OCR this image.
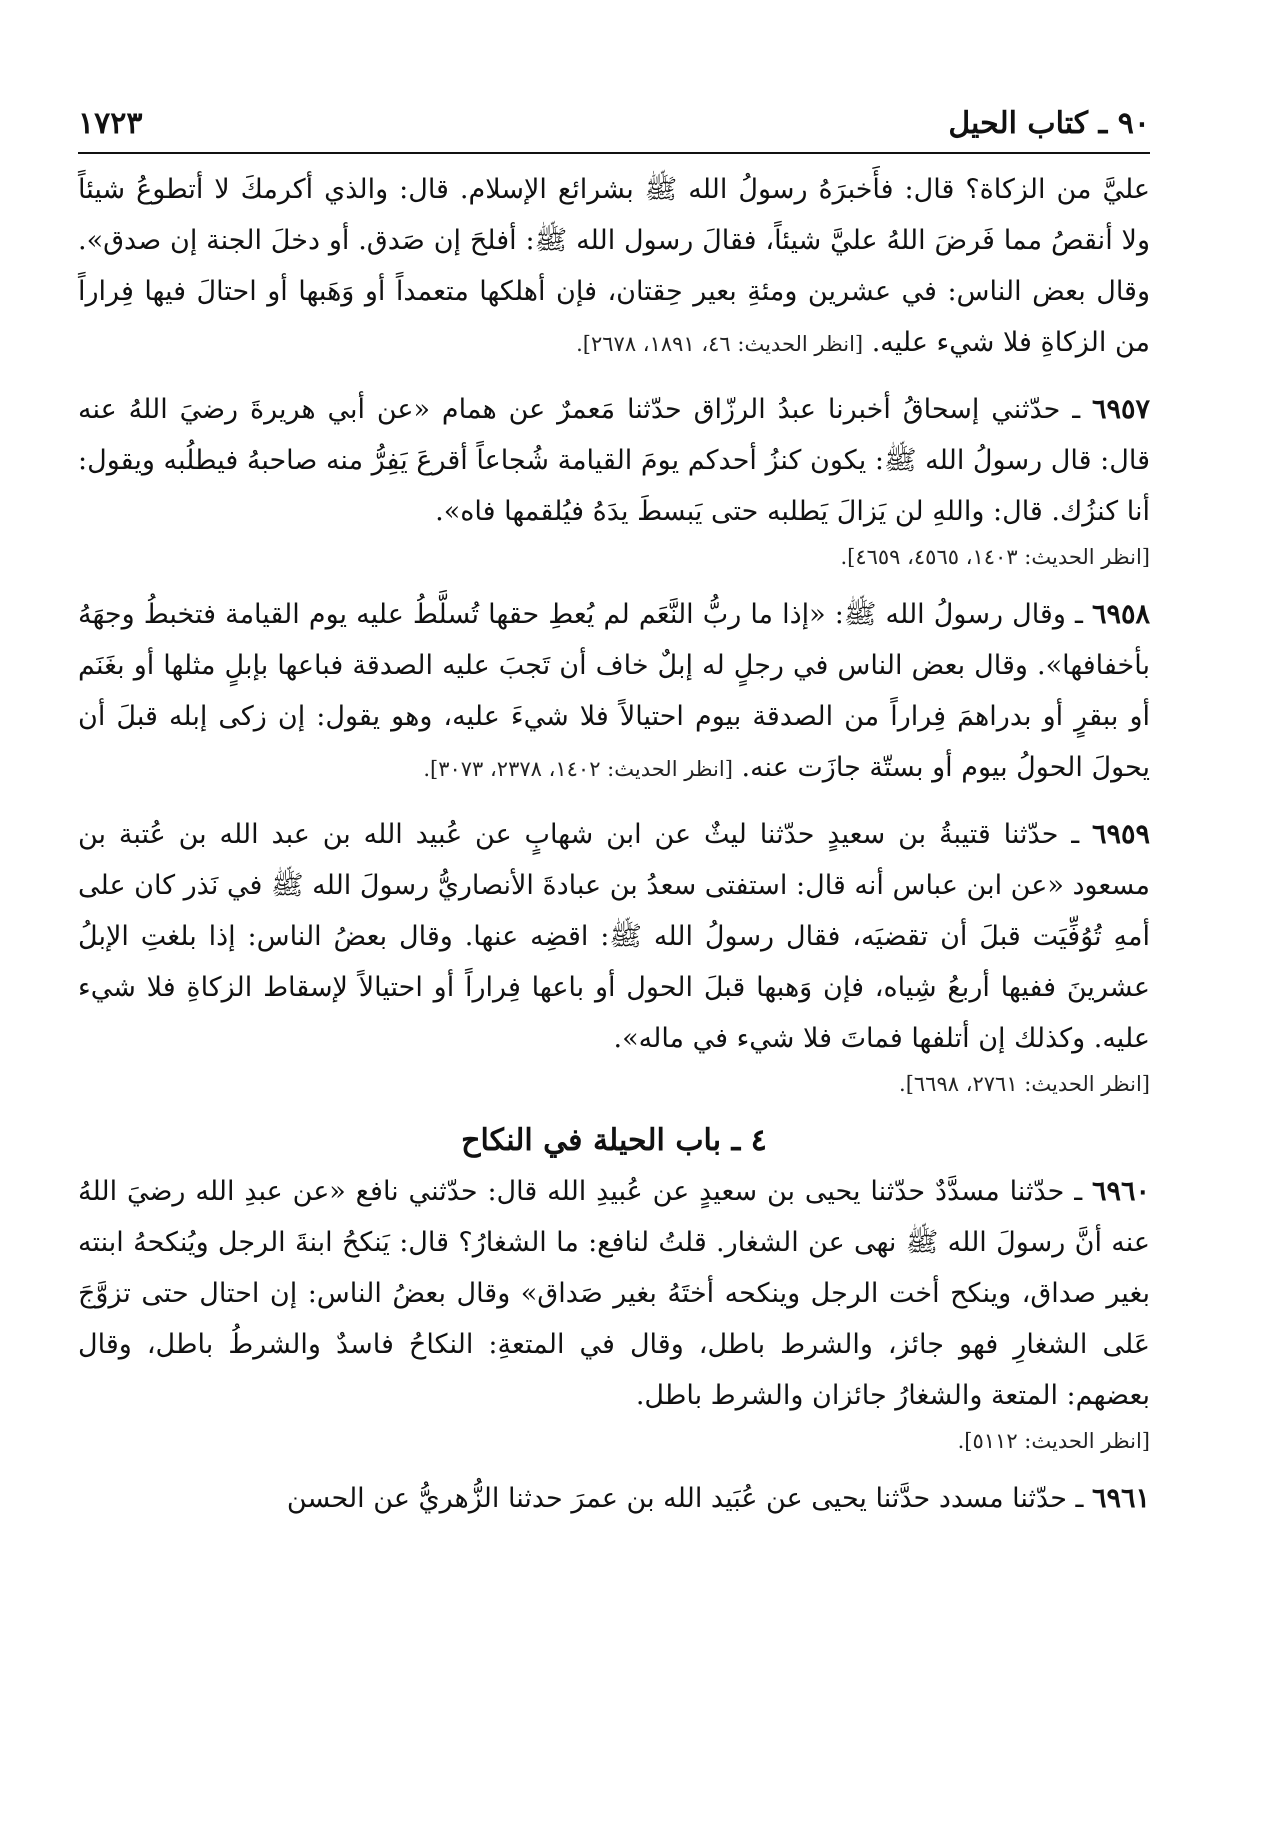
٩٠ ـ كتاب الحيل
١٧٢٣

عليَّ من الزكاة؟ قال: فأَخبرَهُ رسولُ الله ﷺ بشرائع الإسلام. قال: والذي أكرمكَ لا أتطوعُ شيئاً ولا أنقصُ مما فَرضَ اللهُ عليَّ شيئاً، فقالَ رسول الله ﷺ: أفلحَ إن صَدق. أو دخلَ الجنة إن صدق». وقال بعض الناس: في عشرين ومئةِ بعير حِقتان، فإن أهلكها متعمداً أو وَهَبها أو احتالَ فيها فِراراً من الزكاةِ فلا شيء عليه. [انظر الحديث: ٤٦، ١٨٩١، ٢٦٧٨].

٦٩٥٧ ـ حدّثني إسحاقُ أخبرنا عبدُ الرزّاق حدّثنا مَعمرٌ عن همام «عن أبي هريرةَ رضيَ اللهُ عنه قال: قال رسولُ الله ﷺ: يكون كنزُ أحدكم يومَ القيامة شُجاعاً أقرعَ يَفِرُّ منه صاحبهُ فيطلُبه ويقول: أنا كنزُك. قال: واللهِ لن يَزالَ يَطلبه حتى يَبسطَ يدَهُ فيُلقمها فاه».

[انظر الحديث: ١٤٠٣، ٤٥٦٥، ٤٦٥٩].

٦٩٥٨ ـ وقال رسولُ الله ﷺ: «إذا ما ربُّ النَّعَم لم يُعطِ حقها تُسلَّطُ عليه يوم القيامة فتخبطُ وجهَهُ بأخفافها». وقال بعض الناس في رجلٍ له إبلٌ خاف أن تَجبَ عليه الصدقة فباعها بإبلٍ مثلها أو بغَنَم أو ببقرٍ أو بدراهمَ فِراراً من الصدقة بيوم احتيالاً فلا شيءَ عليه، وهو يقول: إن زكى إبله قبلَ أن يحولَ الحولُ بيوم أو بستّة جازَت عنه. [انظر الحديث: ١٤٠٢، ٢٣٧٨، ٣٠٧٣].

٦٩٥٩ ـ حدّثنا قتيبةُ بن سعيدٍ حدّثنا ليثٌ عن ابن شهابٍ عن عُبيد الله بن عبد الله بن عُتبة بن مسعود «عن ابن عباس أنه قال: استفتى سعدُ بن عبادةَ الأنصاريُّ رسولَ الله ﷺ في نَذر كان على أمهِ تُوُفِّيَت قبلَ أن تقضيَه، فقال رسولُ الله ﷺ: اقضِه عنها. وقال بعضُ الناس: إذا بلغتِ الإبلُ عشرينَ ففيها أربعُ شِياه، فإن وَهبها قبلَ الحول أو باعها فِراراً أو احتيالاً لإسقاط الزكاةِ فلا شيء عليه. وكذلك إن أتلفها فماتَ فلا شيء في ماله».

[انظر الحديث: ٢٧٦١، ٦٦٩٨].

٤ ـ باب الحيلة في النكاح

٦٩٦٠ ـ حدّثنا مسدَّدٌ حدّثنا يحيى بن سعيدٍ عن عُبيدِ الله قال: حدّثني نافع «عن عبدِ الله رضيَ اللهُ عنه أنَّ رسولَ الله ﷺ نهى عن الشغار. قلتُ لنافع: ما الشغارُ؟ قال: يَنكحُ ابنةَ الرجل ويُنكحهُ ابنته بغير صداق، وينكح أخت الرجل وينكحه أختَهُ بغير صَداق» وقال بعضُ الناس: إن احتال حتى تزوَّجَ عَلى الشغارِ فهو جائز، والشرط باطل، وقال في المتعةِ: النكاحُ فاسدٌ والشرطُ باطل، وقال بعضهم: المتعة والشغارُ جائزان والشرط باطل.

[انظر الحديث: ٥١١٢].

٦٩٦١ ـ حدّثنا مسدد حدَّثنا يحيى عن عُبَيد الله بن عمرَ حدثنا الزُّهريُّ عن الحسن
